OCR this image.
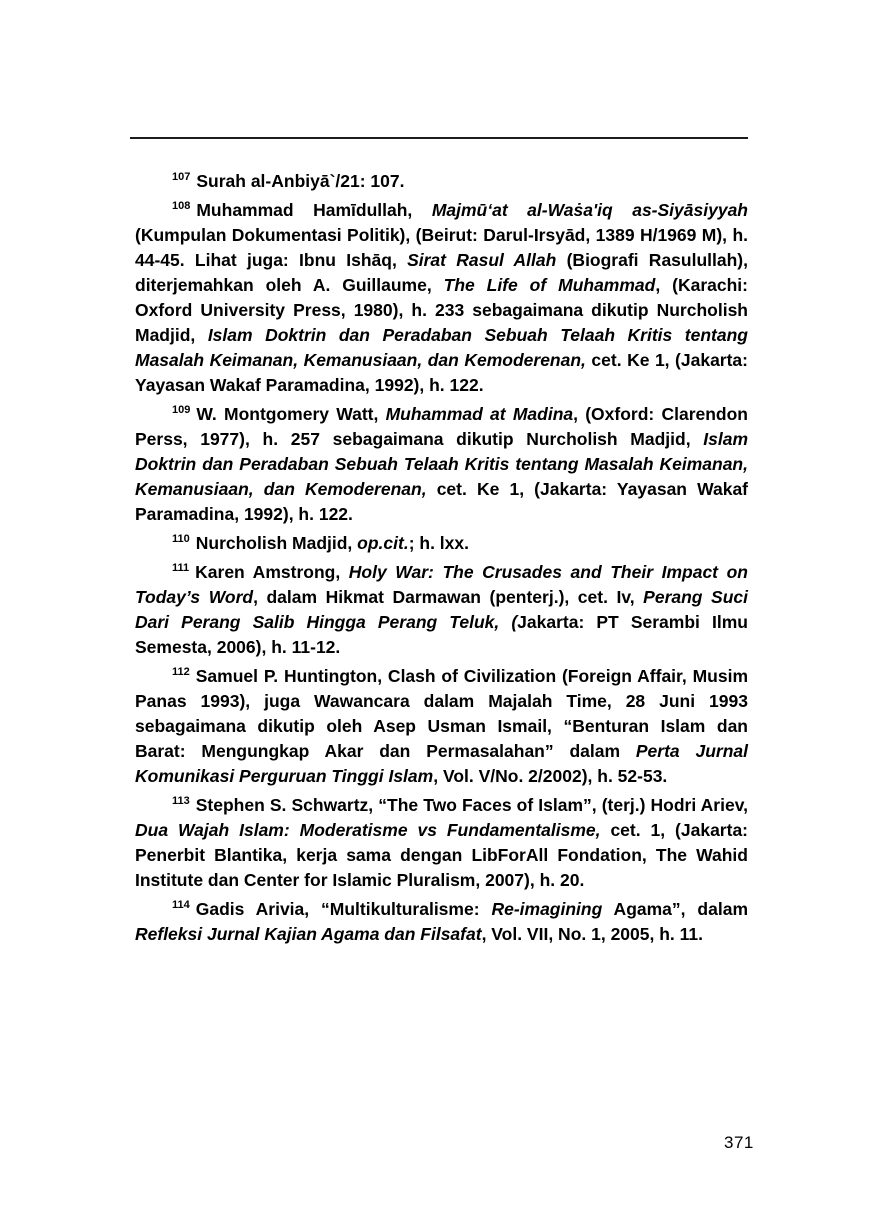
$^{107}$ Surah al-Anbiyā`/21: 107.

$^{108}$ Muhammad Hamīdullah, Majmū‘at al-Waṡa'iq as-Siyāsiyyah (Kumpulan Dokumentasi Politik), (Beirut: Darul-Irsyād, 1389 H/1969 M), h. 44-45. Lihat juga: Ibnu Ishāq, Sirat Rasul Allah (Biografi Rasulullah), diterjemahkan oleh A. Guillaume, The Life of Muhammad, (Karachi: Oxford University Press, 1980), h. 233 sebagaimana dikutip Nurcholish Madjid, Islam Doktrin dan Peradaban Sebuah Telaah Kritis tentang Masalah Keimanan, Kemanusiaan, dan Kemoderenan, cet. Ke 1, (Jakarta: Yayasan Wakaf Paramadina, 1992), h. 122.

$^{109}$ W. Montgomery Watt, Muhammad at Madina, (Oxford: Clarendon Perss, 1977), h. 257 sebagaimana dikutip Nurcholish Madjid, Islam Doktrin dan Peradaban Sebuah Telaah Kritis tentang Masalah Keimanan, Kemanusiaan, dan Kemoderenan, cet. Ke 1, (Jakarta: Yayasan Wakaf Paramadina, 1992), h. 122.

$^{110}$ Nurcholish Madjid, op.cit.; h. lxx.

$^{111}$ Karen Amstrong, Holy War: The Crusades and Their Impact on Today’s Word, dalam Hikmat Darmawan (penterj.), cet. Iv, Perang Suci Dari Perang Salib Hingga Perang Teluk, (Jakarta: PT Serambi Ilmu Semesta, 2006), h. 11-12.

$^{112}$ Samuel P. Huntington, Clash of Civilization (Foreign Affair, Musim Panas 1993), juga Wawancara dalam Majalah Time, 28 Juni 1993 sebagaimana dikutip oleh Asep Usman Ismail, “Benturan Islam dan Barat: Mengungkap Akar dan Permasalahan” dalam Perta Jurnal Komunikasi Perguruan Tinggi Islam, Vol. V/No. 2/2002), h. 52-53.

$^{113}$ Stephen S. Schwartz, “The Two Faces of Islam”, (terj.) Hodri Ariev, Dua Wajah Islam: Moderatisme vs Fundamentalisme, cet. 1, (Jakarta: Penerbit Blantika, kerja sama dengan LibForAll Fondation, The Wahid Institute dan Center for Islamic Pluralism, 2007), h. 20.

$^{114}$ Gadis Arivia, “Multikulturalisme: Re-imagining Agama”, dalam Refleksi Jurnal Kajian Agama dan Filsafat, Vol. VII, No. 1, 2005, h. 11.

371
